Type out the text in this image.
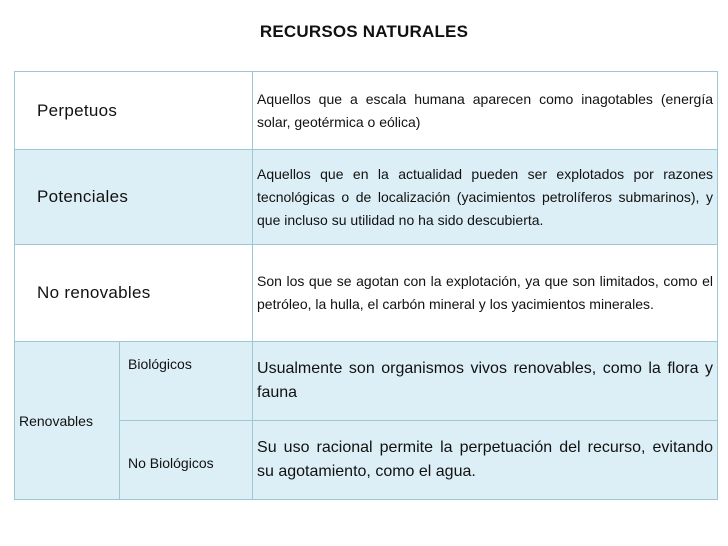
RECURSOS NATURALES
Perpetuos		Aquellos que a escala humana aparecen como inagotables (energía solar, geotérmica o eólica)

Potenciales		Aquellos que en la actualidad pueden ser explotados por razones tecnológicas o de localización (yacimientos petrolíferos submarinos), y que incluso su utilidad no ha sido descubierta.

No renovables		Son los que se agotan con la explotación, ya que son limitados, como el petróleo, la hulla, el carbón mineral y los yacimientos minerales.

Renovables	Biológicos	Usualmente son organismos vivos renovables, como la flora y fauna

	No Biológicos	Su uso racional permite la perpetuación del recurso, evitando su agotamiento, como el agua.
